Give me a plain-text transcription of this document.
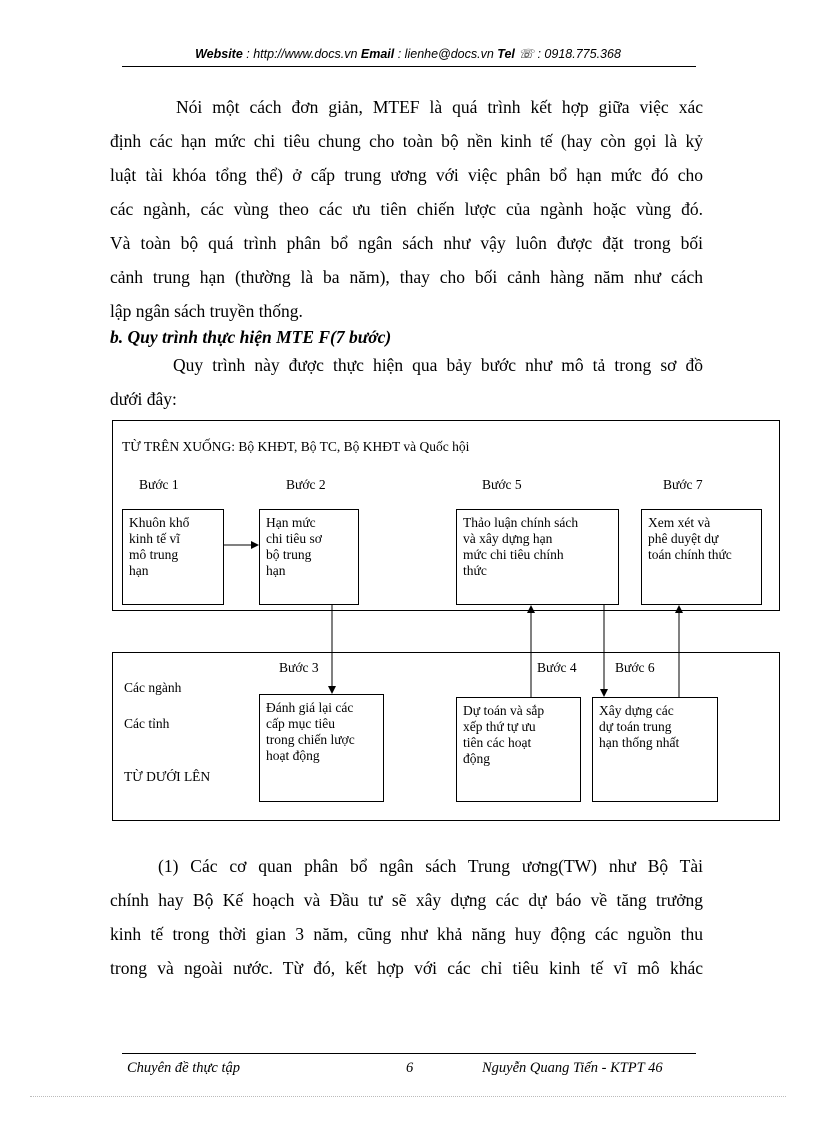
Website : http://www.docs.vn Email : lienhe@docs.vn Tel ☏ : 0918.775.368
Nói một cách đơn giản, MTEF là quá trình kết hợp giữa việc xác
định các hạn mức chi tiêu chung cho toàn bộ nền kinh tế (hay còn gọi là kỷ
luật tài khóa tổng thể) ở cấp trung ương với việc phân bổ hạn mức đó cho
các ngành, các vùng theo các ưu tiên chiến lược của ngành hoặc vùng đó.
Và toàn bộ quá trình phân bổ ngân sách như vậy luôn được đặt trong bối
cảnh trung hạn (thường là ba năm), thay cho bối cảnh hàng năm như cách
lập ngân sách truyền thống.
b. Quy trình thực hiện MTE F(7 bước)
Quy trình này được thực hiện qua bảy bước như mô tả trong sơ đồ
dưới đây:
TỪ TRÊN XUỐNG: Bộ KHĐT, Bộ TC, Bộ KHĐT và Quốc hội
Bước 1	Bước 2	Bước 5	Bước 7
Khuôn khổ
kinh tế vĩ
mô trung
hạn
Hạn mức
chi tiêu sơ
bộ trung
hạn
Thảo luận chính sách
và xây dựng hạn
mức chi tiêu chính
thức
Xem xét và
phê duyệt dự
toán chính thức
Bước 3	Bước 4	Bước 6
Các ngành
Các tỉnh
TỪ DƯỚI LÊN
Đánh giá lại các
cấp mục tiêu
trong chiến lược
hoạt động
Dự toán và sắp
xếp thứ tự ưu
tiên các hoạt
động
Xây dựng các
dự toán trung
hạn thống nhất
(1) Các cơ quan phân bổ ngân sách Trung ương(TW) như Bộ Tài
chính hay Bộ Kế hoạch và Đầu tư sẽ xây dựng các dự báo về tăng trưởng
kinh tế trong thời gian 3 năm, cũng như khả năng huy động các nguồn thu
trong và ngoài nước. Từ đó, kết hợp với các chỉ tiêu kinh tế vĩ mô khác
Chuyên đề thực tập	6	Nguyễn Quang Tiến - KTPT 46
